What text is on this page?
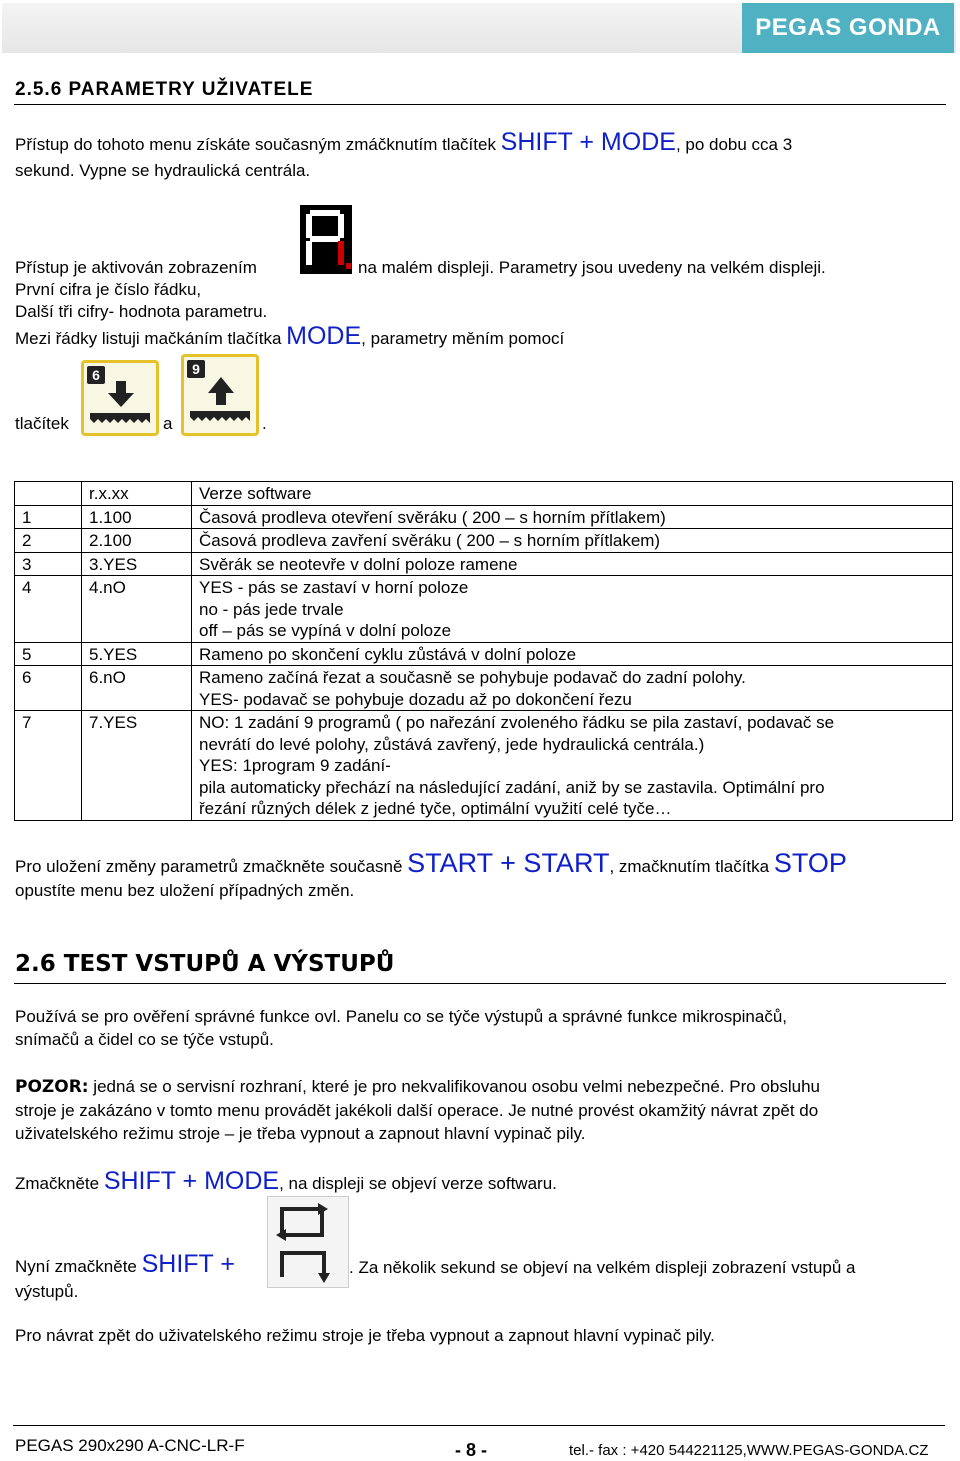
PEGAS GONDA
2.5.6 PARAMETRY UŽIVATELE
Přístup do tohoto menu získáte současným zmáčknutím tlačítek SHIFT + MODE, po dobu cca 3
sekund. Vypne se hydraulická centrála.
Přístup je aktivován zobrazením
A
na malém displeji. Parametry jsou uvedeny na velkém displeji.
První cifra je číslo řádku,
Další tři cifry- hodnota parametru.
Mezi řádky listuji mačkáním tlačítka MODE, parametry měním pomocí
tlačítek
6
a
9
.
	r.x.xx	Verze software

1	1.100	Časová prodleva otevření svěráku ( 200 – s horním přítlakem)

2	2.100	Časová prodleva zavření svěráku ( 200 – s horním přítlakem)

3	3.YES	Svěrák se neotevře v dolní poloze ramene

4	4.nO	YES - pás se zastaví v horní poloze
no - pás jede trvale
off – pás se vypíná v dolní poloze

5	5.YES	Rameno po skončení cyklu zůstává v dolní poloze

6	6.nO	Rameno začíná řezat a současně se pohybuje podavač do zadní polohy.
YES- podavač se pohybuje dozadu až po dokončení řezu

7	7.YES	NO: 1 zadání 9 programů ( po nařezání zvoleného řádku se pila zastaví, podavač se
nevrátí do levé polohy, zůstává zavřený, jede hydraulická centrála.)
YES: 1program 9 zadání-
pila automaticky přechází na následující zadání, aniž by se zastavila. Optimální pro
řezání různých délek z jedné tyče, optimální využití celé tyče…
Pro uložení změny parametrů zmačkněte současně START + START, zmačknutím tlačítka STOP
opustíte menu bez uložení případných změn.
2.6 TEST VSTUPŮ A VÝSTUPŮ
Používá se pro ověření správné funkce ovl. Panelu co se týče výstupů a správné funkce mikrospinačů,
snímačů a čidel co se týče vstupů.
POZOR: jedná se o servisní rozhraní, které je pro nekvalifikovanou osobu velmi nebezpečné. Pro obsluhu
stroje je zakázáno v tomto menu provádět jakékoli další operace. Je nutné provést okamžitý návrat zpět do
uživatelského režimu stroje – je třeba vypnout a zapnout hlavní vypinač pily.
Zmačkněte SHIFT + MODE, na displeji se objeví verze softwaru.
Nyní zmačkněte SHIFT +	. Za několik sekund se objeví na velkém displeji zobrazení vstupů a
výstupů.
Pro návrat zpět do uživatelského režimu stroje je třeba vypnout a zapnout hlavní vypinač pily.
PEGAS 290x290 A-CNC-LR-F	- 8 -	tel.- fax : +420 544221125,WWW.PEGAS-GONDA.CZ
